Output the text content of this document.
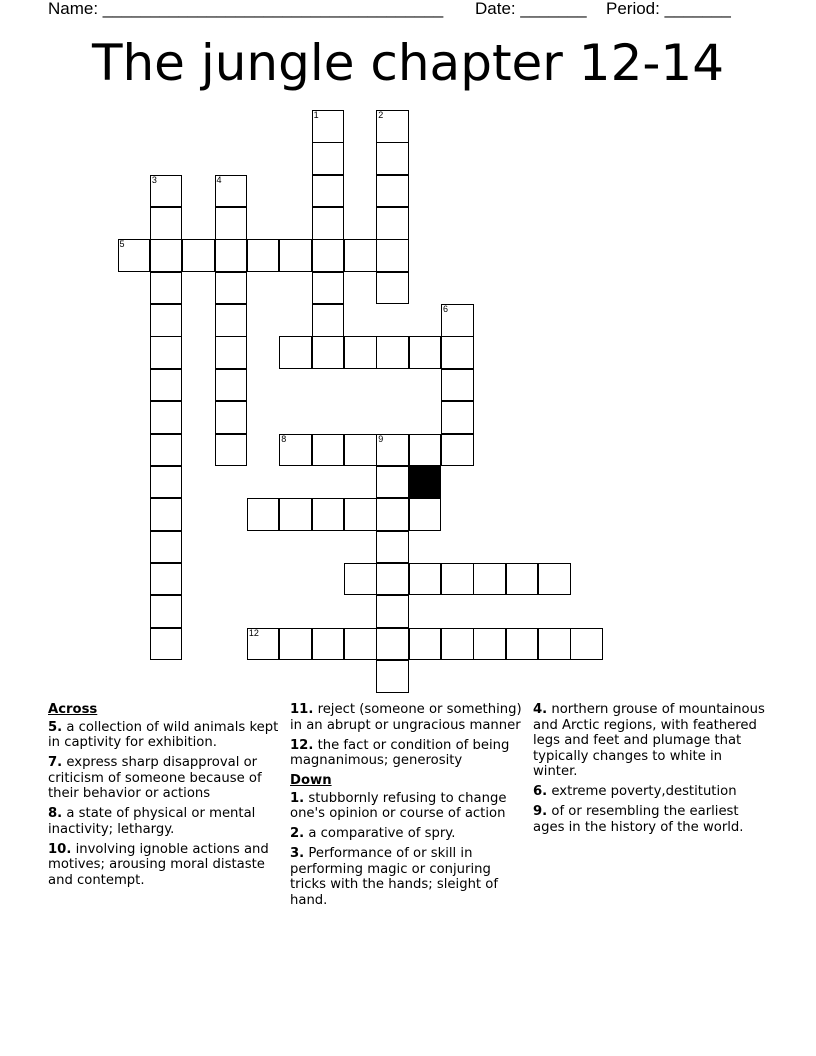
Name: ____________________________________ Date: _______ Period: _______
The jungle chapter 12-14
1	2
3	4
6
9
5
8
12
Across
5. a collection of wild animals kept in captivity for exhibition.
7. express sharp disapproval or criticism of someone because of their behavior or actions
8. a state of physical or mental inactivity; lethargy.
10. involving ignoble actions and motives; arousing moral distaste and contempt.
11. reject (someone or something) in an abrupt or ungracious manner
12. the fact or condition of being magnanimous; generosity
Down
1. stubbornly refusing to change one's opinion or course of action
2. a comparative of spry.
3. Performance of or skill in performing magic or conjuring tricks with the hands; sleight of hand.
4. northern grouse of mountainous and Arctic regions, with feathered legs and feet and plumage that typically changes to white in winter.
6. extreme poverty,destitution
9. of or resembling the earliest ages in the history of the world.
